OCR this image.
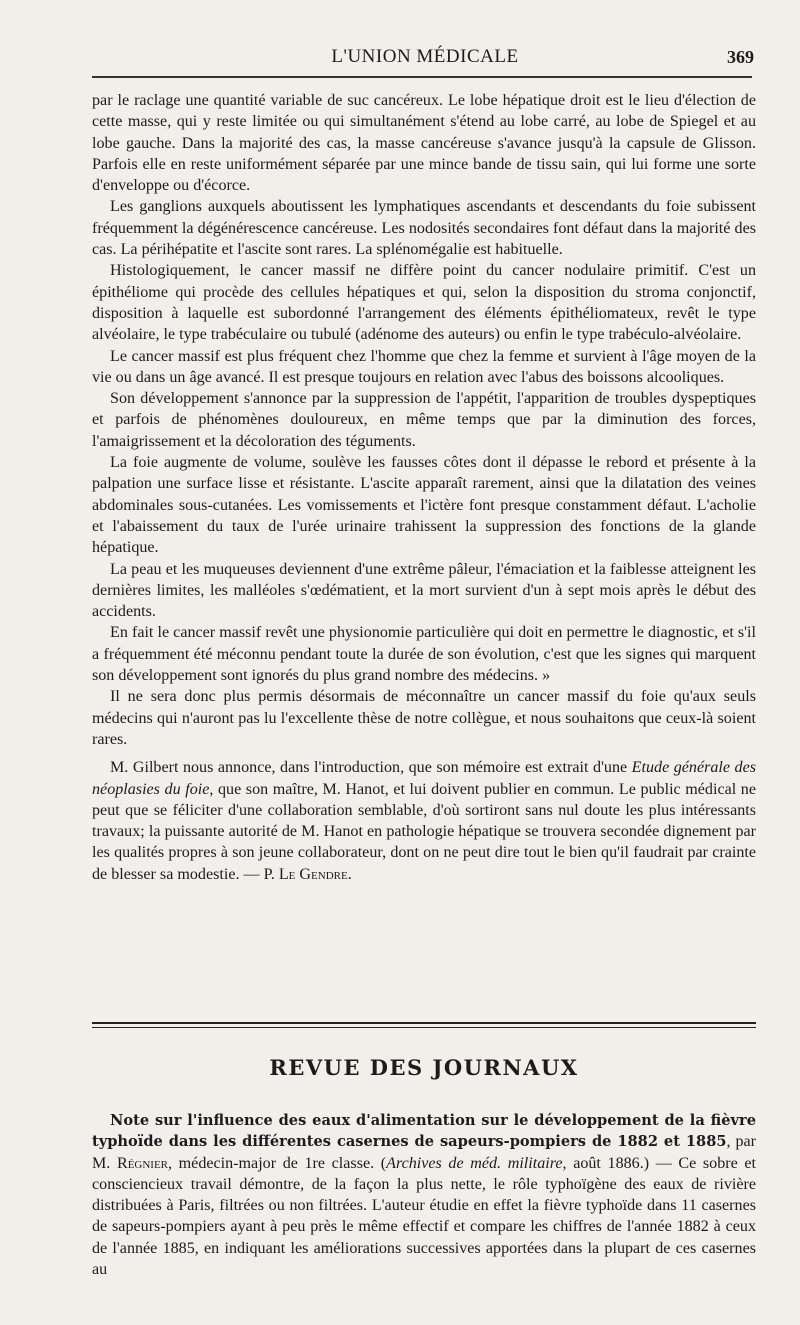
L'UNION MÉDICALE	369

par le raclage une quantité variable de suc cancéreux. Le lobe hépatique droit est le lieu d'élection de cette masse, qui y reste limitée ou qui simultanément s'étend au lobe carré, au lobe de Spiegel et au lobe gauche. Dans la majorité des cas, la masse cancéreuse s'avance jusqu'à la capsule de Glisson. Parfois elle en reste uniformément séparée par une mince bande de tissu sain, qui lui forme une sorte d'enveloppe ou d'écorce.

Les ganglions auxquels aboutissent les lymphatiques ascendants et descendants du foie subissent fréquemment la dégénérescence cancéreuse. Les nodosités secondaires font défaut dans la majorité des cas. La périhépatite et l'ascite sont rares. La splénomégalie est habituelle.

Histologiquement, le cancer massif ne diffère point du cancer nodulaire primitif. C'est un épithéliome qui procède des cellules hépatiques et qui, selon la disposition du stroma conjonctif, disposition à laquelle est subordonné l'arrangement des éléments épithéliomateux, revêt le type alvéolaire, le type trabéculaire ou tubulé (adénome des auteurs) ou enfin le type trabéculo-alvéolaire.

Le cancer massif est plus fréquent chez l'homme que chez la femme et survient à l'âge moyen de la vie ou dans un âge avancé. Il est presque toujours en relation avec l'abus des boissons alcooliques.

Son développement s'annonce par la suppression de l'appétit, l'apparition de troubles dyspeptiques et parfois de phénomènes douloureux, en même temps que par la diminution des forces, l'amaigrissement et la décoloration des téguments.

La foie augmente de volume, soulève les fausses côtes dont il dépasse le rebord et présente à la palpation une surface lisse et résistante. L'ascite apparaît rarement, ainsi que la dilatation des veines abdominales sous-cutanées. Les vomissements et l'ictère font presque constamment défaut. L'acholie et l'abaissement du taux de l'urée urinaire trahissent la suppression des fonctions de la glande hépatique.

La peau et les muqueuses deviennent d'une extrême pâleur, l'émaciation et la faiblesse atteignent les dernières limites, les malléoles s'œdématient, et la mort survient d'un à sept mois après le début des accidents.

En fait le cancer massif revêt une physionomie particulière qui doit en permettre le diagnostic, et s'il a fréquemment été méconnu pendant toute la durée de son évolution, c'est que les signes qui marquent son développement sont ignorés du plus grand nombre des médecins. »

Il ne sera donc plus permis désormais de méconnaître un cancer massif du foie qu'aux seuls médecins qui n'auront pas lu l'excellente thèse de notre collègue, et nous souhaitons que ceux-là soient rares.

M. Gilbert nous annonce, dans l'introduction, que son mémoire est extrait d'une Etude générale des néoplasies du foie, que son maître, M. Hanot, et lui doivent publier en commun. Le public médical ne peut que se féliciter d'une collaboration semblable, d'où sortiront sans nul doute les plus intéressants travaux; la puissante autorité de M. Hanot en pathologie hépatique se trouvera secondée dignement par les qualités propres à son jeune collaborateur, dont on ne peut dire tout le bien qu'il faudrait par crainte de blesser sa modestie. — P. Le Gendre.

REVUE DES JOURNAUX

Note sur l'influence des eaux d'alimentation sur le développement de la fièvre typhoïde dans les différentes casernes de sapeurs-pompiers de 1882 et 1885, par M. Régnier, médecin-major de 1re classe. (Archives de méd. militaire, août 1886.) — Ce sobre et consciencieux travail démontre, de la façon la plus nette, le rôle typhoïgène des eaux de rivière distribuées à Paris, filtrées ou non filtrées. L'auteur étudie en effet la fièvre typhoïde dans 11 casernes de sapeurs-pompiers ayant à peu près le même effectif et compare les chiffres de l'année 1882 à ceux de l'année 1885, en indiquant les améliorations successives apportées dans la plupart de ces casernes au
